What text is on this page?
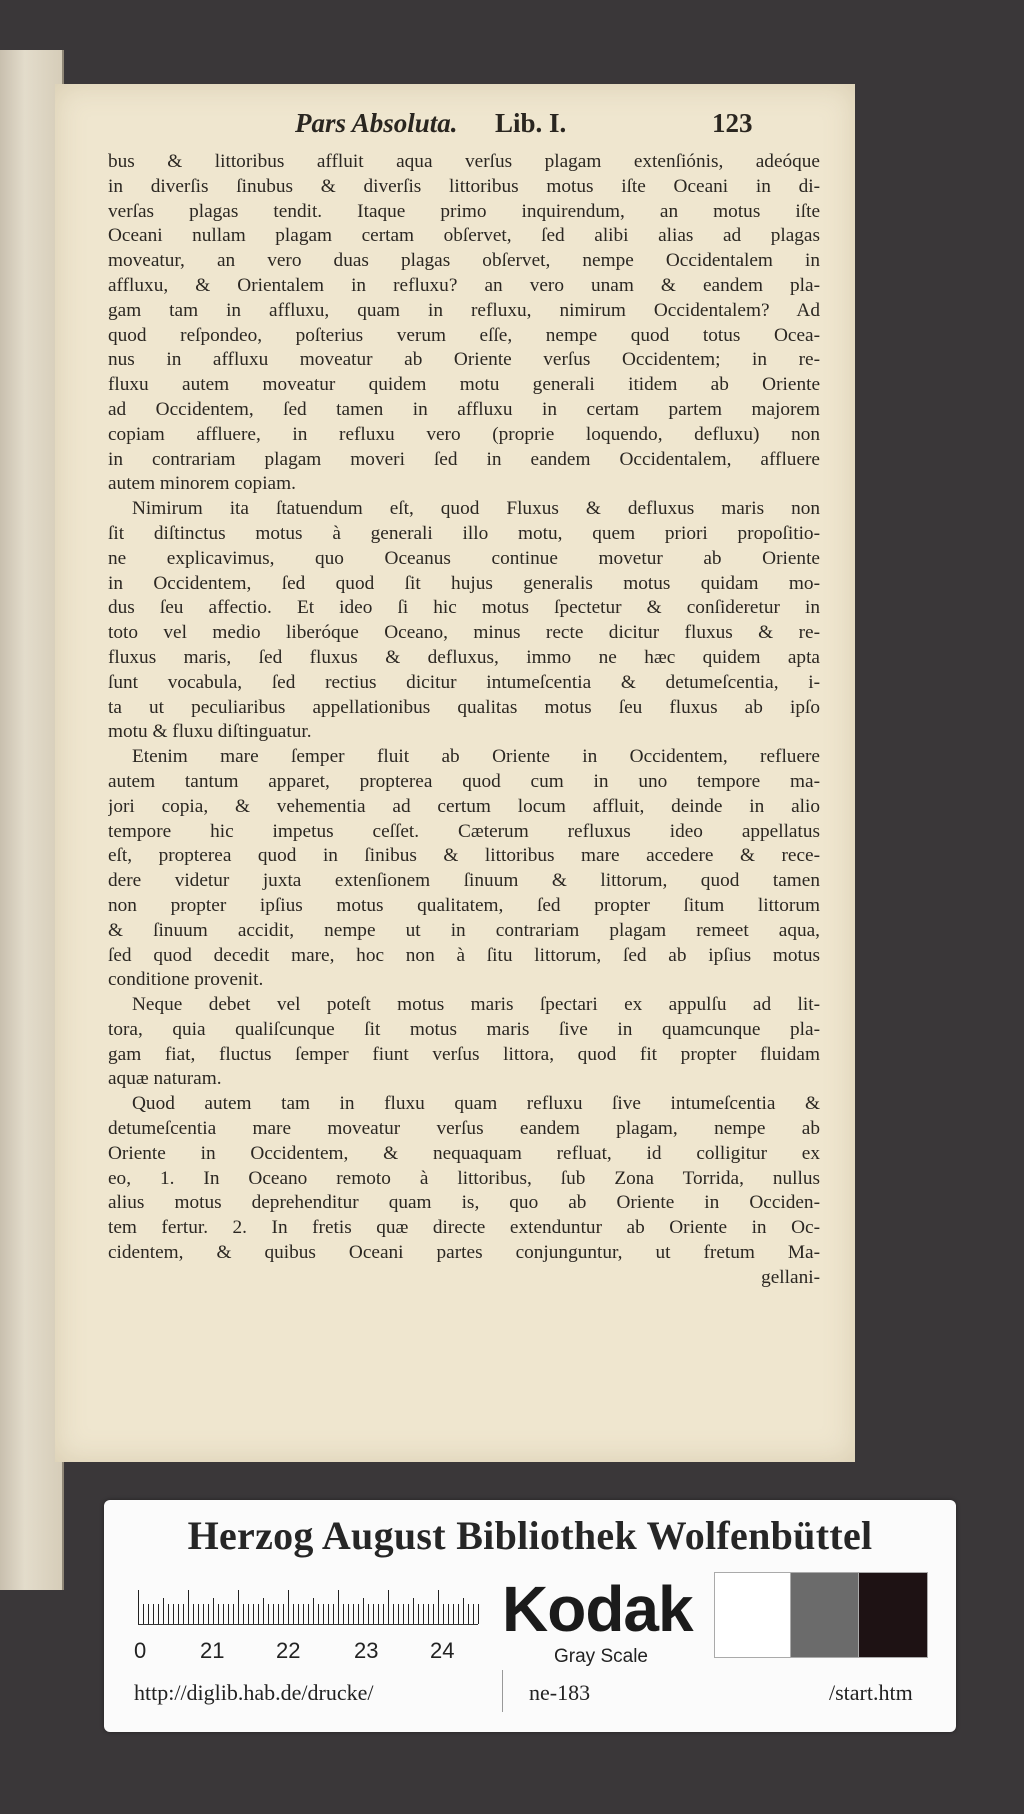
Pars Absoluta. Lib. I.	123
bus & littoribus affluit aqua verſus plagam extenſiónis, adeóque
in diverſis ſinubus & diverſis littoribus motus iſte Oceani in di-
verſas plagas tendit. Itaque primo inquirendum, an motus iſte
Oceani nullam plagam certam obſervet, ſed alibi alias ad plagas
moveatur, an vero duas plagas obſervet, nempe Occidentalem in
affluxu, & Orientalem in refluxu? an vero unam & eandem pla-
gam tam in affluxu, quam in refluxu, nimirum Occidentalem? Ad
quod reſpondeo, poſterius verum eſſe, nempe quod totus Ocea-
nus in affluxu moveatur ab Oriente verſus Occidentem; in re-
fluxu autem moveatur quidem motu generali itidem ab Oriente
ad Occidentem, ſed tamen in affluxu in certam partem majorem
copiam affluere, in refluxu vero (proprie loquendo, defluxu) non
in contrariam plagam moveri ſed in eandem Occidentalem, affluere
autem minorem copiam.
Nimirum ita ſtatuendum eſt, quod Fluxus & defluxus maris non
ſit diſtinctus motus à generali illo motu, quem priori propoſitio-
ne explicavimus, quo Oceanus continue movetur ab Oriente
in Occidentem, ſed quod ſit hujus generalis motus quidam mo-
dus ſeu affectio. Et ideo ſi hic motus ſpectetur & conſideretur in
toto vel medio liberóque Oceano, minus recte dicitur fluxus & re-
fluxus maris, ſed fluxus & defluxus, immo ne hæc quidem apta
ſunt vocabula, ſed rectius dicitur intumeſcentia & detumeſcentia, i-
ta ut peculiaribus appellationibus qualitas motus ſeu fluxus ab ipſo
motu & fluxu diſtinguatur.
Etenim mare ſemper fluit ab Oriente in Occidentem, refluere
autem tantum apparet, propterea quod cum in uno tempore ma-
jori copia, & vehementia ad certum locum affluit, deinde in alio
tempore hic impetus ceſſet. Cæterum refluxus ideo appellatus
eſt, propterea quod in ſinibus & littoribus mare accedere & rece-
dere videtur juxta extenſionem ſinuum & littorum, quod tamen
non propter ipſius motus qualitatem, ſed propter ſitum littorum
& ſinuum accidit, nempe ut in contrariam plagam remeet aqua,
ſed quod decedit mare, hoc non à ſitu littorum, ſed ab ipſius motus
conditione provenit.
Neque debet vel poteſt motus maris ſpectari ex appulſu ad lit-
tora, quia qualiſcunque ſit motus maris ſive in quamcunque pla-
gam fiat, fluctus ſemper fiunt verſus littora, quod fit propter fluidam
aquæ naturam.
Quod autem tam in fluxu quam refluxu ſive intumeſcentia &
detumeſcentia mare moveatur verſus eandem plagam, nempe ab
Oriente in Occidentem, & nequaquam refluat, id colligitur ex
eo, 1. In Oceano remoto à littoribus, ſub Zona Torrida, nullus
alius motus deprehenditur quam is, quo ab Oriente in Occiden-
tem fertur. 2. In fretis quæ directe extenduntur ab Oriente in Oc-
cidentem, & quibus Oceani partes conjunguntur, ut fretum Ma-
gellani-
Herzog August Bibliothek Wolfenbüttel
0 21 22 23 24
Kodak
Gray Scale
http://diglib.hab.de/drucke/	ne-183	/start.htm
